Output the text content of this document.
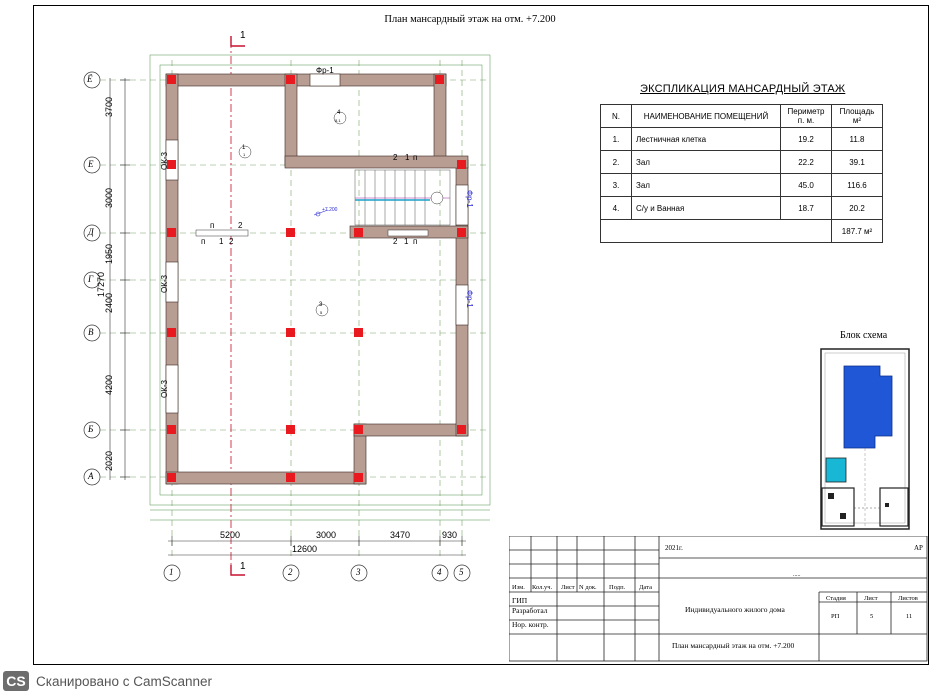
План мансардный этаж на отм. +7.200
1
1
+7.200
Ё
Е
Д
Г
В
Б
А
1	2	3	4 5
5200	3000	3470	930
12600
3700
3000
1950
2400
4200
2020
17270
ОК-3
ОК-3
ОК-3
Фр-1
Фр-1
Фр-1
4
8,1
1
1
3
5
2 1 п
2 1 п
п 1 2
п	2
ЭКСПЛИКАЦИЯ МАНСАРДНЫЙ ЭТАЖ
N.	НАИМЕНОВАНИЕ ПОМЕЩЕНИЙ	Периметр п. м.	Площадь м²
1.	Лестничная клетка	19.2	11.8
2.	Зал	22.2	39.1
3.	Зал	45.0	116.6
4.	С/у и Ванная	18.7	20.2
			187.7 м²
Блок схема
Изм. Кол.уч. Лист N док. Подп. Дата
ГИП
Разработал
Нор. контр.
2021г.	АР
.....
Индивидуального жилого дома
Стадия	Лист	Листов
РП	5	11
План мансардный этаж на отм. +7.200
CS Сканировано с CamScanner
